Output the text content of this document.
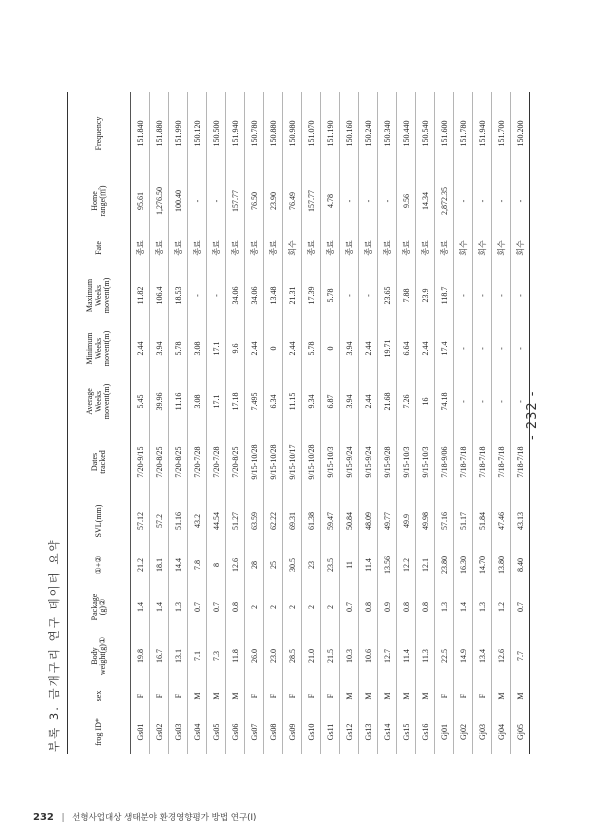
부록 3. 금개구리 연구 데이터 요약	frog ID*	sex	Body
weight(g)①	Package
(g)②	①+②	SVL(mm)	Dates
tracked	Average
Weeks
movent(m)	Minimum
Weeks
movent(m)	Maximum
Weeks
movent(m)	Fate	Home
range(㎡)	Frequency
Gs01	F	19.8	1.4	21.2	57.12	7/20-9/15	5.45	2.44	11.82	종료	95.61	151.840
Gs02	F	16.7	1.4	18.1	57.2	7/20-8/25	39.96	3.94	106.4	종료	1,276.50	151.880
Gs03	F	13.1	1.3	14.4	51.16	7/20-8/25	11.16	5.78	18.53	종료	100.40	151.990
Gs04	M	7.1	0.7	7.8	43.2	7/20-7/28	3.08	3.08	-	종료	-	150.120
Gs05	M	7.3	0.7	8	44.54	7/20-7/28	17.1	17.1	-	종료	-	150.500
Gs06	M	11.8	0.8	12.6	51.27	7/20-8/25	17.18	9.6	34.06	종료	157.77	151.940
Gs07	F	26.0	2	28	63.59	9/15-10/28	7.495	2.44	34.06	종료	76.50	150.780
Gs08	F	23.0	2	25	62.22	9/15-10/28	6.34	0	13.48	종료	23.90	150.880
Gs09	F	28.5	2	30.5	69.31	9/15-10/17	11.15	2.44	21.31	회수	76.49	150.980
Gs10	F	21.0	2	23	61.38	9/15-10/28	9.34	5.78	17.39	종료	157.77	151.070
Gs11	F	21.5	2	23.5	59.47	9/15-10/3	6.87	0	5.78	종료	4.78	151.190
Gs12	M	10.3	0.7	11	50.84	9/15-9/24	3.94	3.94	-	종료	-	150.160
Gs13	M	10.6	0.8	11.4	48.09	9/15-9/24	2.44	2.44	-	종료	-	150.240
Gs14	M	12.7	0.9	13.56	49.77	9/15-9/28	21.68	19.71	23.65	종료	-	150.340
Gs15	M	11.4	0.8	12.2	49.9	9/15-10/3	7.26	6.64	7.88	종료	9.56	150.440
Gs16	M	11.3	0.8	12.1	49.98	9/15-10/3	16	2.44	23.9	종료	14.34	150.540
Gj01	F	22.5	1.3	23.80	57.16	7/18-9/06	74.18	17.4	118.7	종료	2,872.35	151.600
Gj02	F	14.9	1.4	16.30	51.17	7/18-7/18	-	-	-	회수	-	151.780
Gj03	F	13.4	1.3	14.70	51.84	7/18-7/18	-	-	-	회수	-	151.940
Gj04	M	12.6	1.2	13.80	47.46	7/18-7/18	-	-	-	회수	-	151.700
Gj05	M	7.7	0.7	8.40	43.13	7/18-7/18	-	-	-	회수	-	150.200
- 232 -
232 | 선형사업대상 생태분야 환경영향평가 방법 연구(Ⅰ)
